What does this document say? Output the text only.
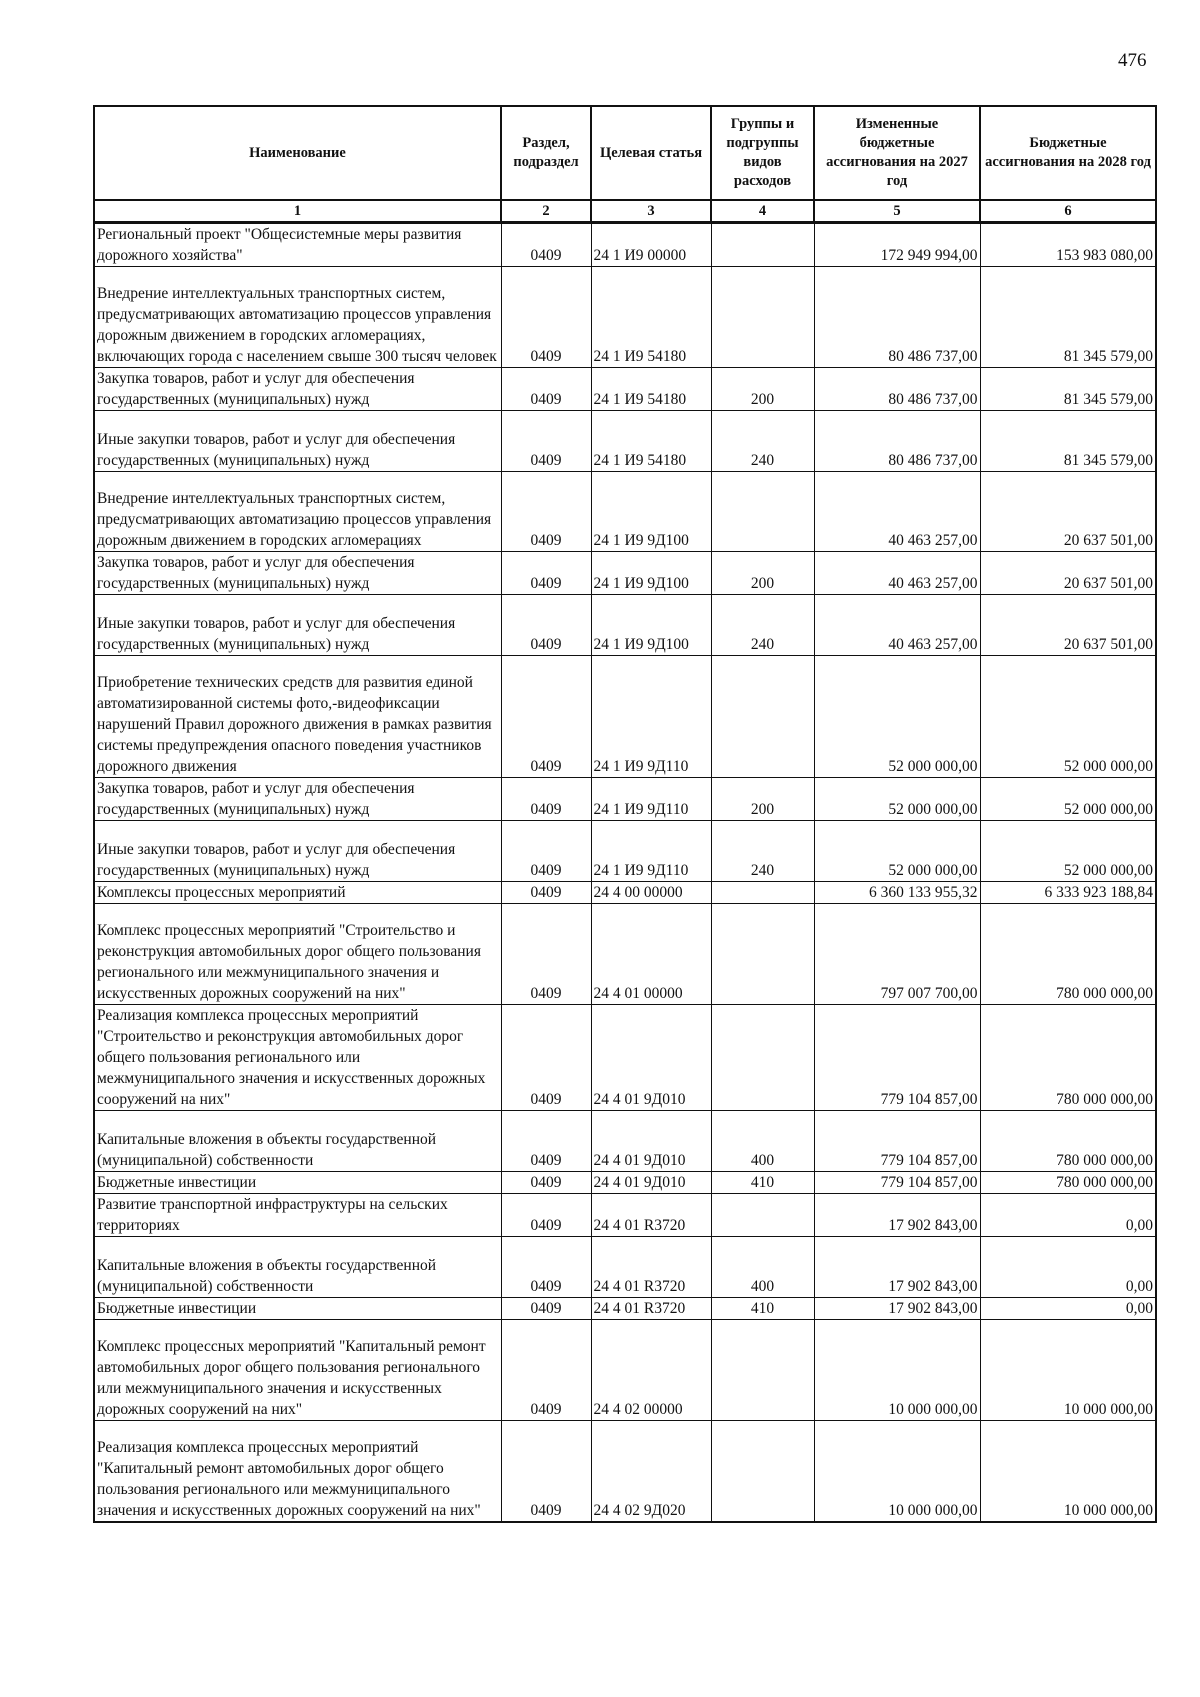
476
Наименование	Раздел, подраздел	Целевая статья	Группы и подгруппы видов расходов	Измененные бюджетные ассигнования на 2027 год	Бюджетные ассигнования на 2028 год
1	2	3	4	5	6
Региональный проект "Общесистемные меры развития дорожного хозяйства"	0409	24 1 И9 00000		172 949 994,00	153 983 080,00
Внедрение интеллектуальных транспортных систем, предусматривающих автоматизацию процессов управления дорожным движением в городских агломерациях, включающих города с населением свыше 300 тысяч человек	0409	24 1 И9 54180		80 486 737,00	81 345 579,00
Закупка товаров, работ и услуг для обеспечения государственных (муниципальных) нужд	0409	24 1 И9 54180	200	80 486 737,00	81 345 579,00
Иные закупки товаров, работ и услуг для обеспечения государственных (муниципальных) нужд	0409	24 1 И9 54180	240	80 486 737,00	81 345 579,00
Внедрение интеллектуальных транспортных систем, предусматривающих автоматизацию процессов управления дорожным движением в городских агломерациях	0409	24 1 И9 9Д100		40 463 257,00	20 637 501,00
Закупка товаров, работ и услуг для обеспечения государственных (муниципальных) нужд	0409	24 1 И9 9Д100	200	40 463 257,00	20 637 501,00
Иные закупки товаров, работ и услуг для обеспечения государственных (муниципальных) нужд	0409	24 1 И9 9Д100	240	40 463 257,00	20 637 501,00
Приобретение технических средств для развития единой автоматизированной системы фото,-видеофиксации нарушений Правил дорожного движения в рамках развития системы предупреждения опасного поведения участников дорожного движения	0409	24 1 И9 9Д110		52 000 000,00	52 000 000,00
Закупка товаров, работ и услуг для обеспечения государственных (муниципальных) нужд	0409	24 1 И9 9Д110	200	52 000 000,00	52 000 000,00
Иные закупки товаров, работ и услуг для обеспечения государственных (муниципальных) нужд	0409	24 1 И9 9Д110	240	52 000 000,00	52 000 000,00
Комплексы процессных мероприятий	0409	24 4 00 00000		6 360 133 955,32	6 333 923 188,84
Комплекс процессных мероприятий "Строительство и реконструкция автомобильных дорог общего пользования регионального или межмуниципального значения и искусственных дорожных сооружений на них"	0409	24 4 01 00000		797 007 700,00	780 000 000,00
Реализация комплекса процессных мероприятий "Строительство и реконструкция автомобильных дорог общего пользования регионального или межмуниципального значения и искусственных дорожных сооружений на них"	0409	24 4 01 9Д010		779 104 857,00	780 000 000,00
Капитальные вложения в объекты государственной (муниципальной) собственности	0409	24 4 01 9Д010	400	779 104 857,00	780 000 000,00
Бюджетные инвестиции	0409	24 4 01 9Д010	410	779 104 857,00	780 000 000,00
Развитие транспортной инфраструктуры на сельских территориях	0409	24 4 01 R3720		17 902 843,00	0,00
Капитальные вложения в объекты государственной (муниципальной) собственности	0409	24 4 01 R3720	400	17 902 843,00	0,00
Бюджетные инвестиции	0409	24 4 01 R3720	410	17 902 843,00	0,00
Комплекс процессных мероприятий "Капитальный ремонт автомобильных дорог общего пользования регионального или межмуниципального значения и искусственных дорожных сооружений на них"	0409	24 4 02 00000		10 000 000,00	10 000 000,00
Реализация комплекса процессных мероприятий "Капитальный ремонт автомобильных дорог общего пользования регионального или межмуниципального значения и искусственных дорожных сооружений на них"	0409	24 4 02 9Д020		10 000 000,00	10 000 000,00
